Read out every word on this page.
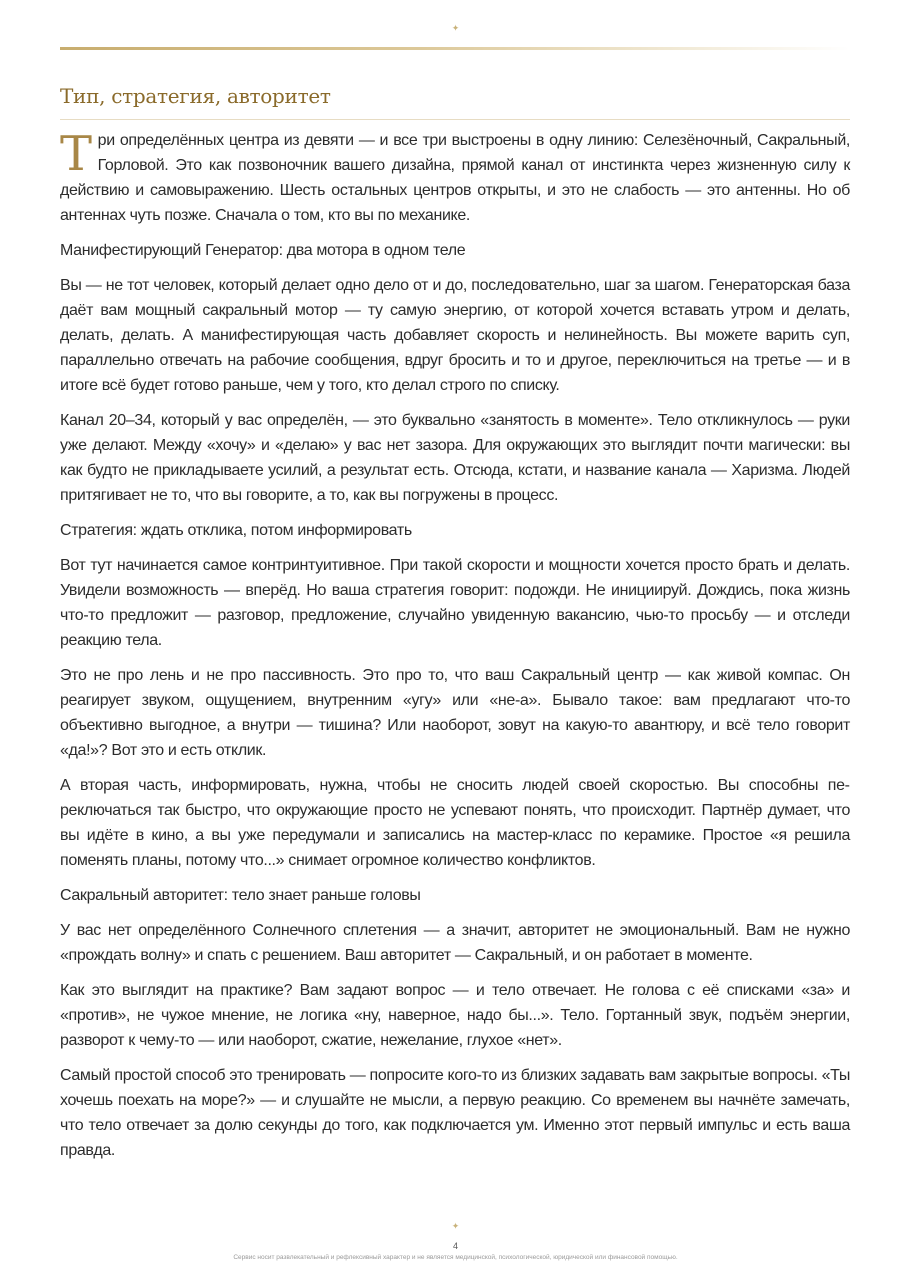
✦
Тип, стратегия, авторитет

Три определённых центра из девяти — и все три выстроены в одну линию: Селезёночный, Сакральный, Горловой. Это как позвоночник вашего дизайна, прямой канал от инстинкта через жизненную силу к действию и самовыражению. Шесть остальных центров открыты, и это не слабость — это антенны. Но об антеннах чуть позже. Сначала о том, кто вы по механике.

Манифестирующий Генератор: два мотора в одном теле

Вы — не тот человек, который делает одно дело от и до, последовательно, шаг за шагом. Генераторская база даёт вам мощный сакральный мотор — ту самую энергию, от которой хочется вставать утром и делать, делать, делать. А манифестирующая часть добавляет скорость и нелинейность. Вы можете варить суп, параллельно отвечать на рабочие сообщения, вдруг бросить и то и другое, переключиться на третье — и в итоге всё будет готово раньше, чем у того, кто делал строго по списку.

Канал 20–34, который у вас определён, — это буквально «занятость в моменте». Тело откликнулось — руки уже делают. Между «хочу» и «делаю» у вас нет зазора. Для окружающих это выглядит почти магически: вы как будто не прикладываете усилий, а результат есть. Отсюда, кстати, и название канала — Харизма. Людей притягивает не то, что вы говорите, а то, как вы погружены в процесс.

Стратегия: ждать отклика, потом информировать

Вот тут начинается самое контринтуитивное. При такой скорости и мощности хочется просто брать и делать. Увидели возможность — вперёд. Но ваша стратегия говорит: подожди. Не инициируй. Дождись, пока жизнь что-то предложит — разговор, предложение, случайно увиденную вакансию, чью-то просьбу — и отследи реакцию тела.

Это не про лень и не про пассивность. Это про то, что ваш Сакральный центр — как живой компас. Он реагирует звуком, ощущением, внутренним «угу» или «не-а». Бывало такое: вам предлагают что-то объективно выгодное, а внутри — тишина? Или наоборот, зовут на какую-то авантюру, и всё тело говорит «да!»? Вот это и есть отклик.

А вторая часть, информировать, нужна, чтобы не сносить людей своей скоростью. Вы способны переключаться так быстро, что окружающие просто не успевают понять, что происходит. Партнёр думает, что вы идёте в кино, а вы уже передумали и записались на мастер-класс по керамике. Простое «я решила поменять планы, потому что...» снимает огромное количество конфликтов.

Сакральный авторитет: тело знает раньше головы

У вас нет определённого Солнечного сплетения — а значит, авторитет не эмоциональный. Вам не нужно «прождать волну» и спать с решением. Ваш авторитет — Сакральный, и он работает в моменте.

Как это выглядит на практике? Вам задают вопрос — и тело отвечает. Не голова с её списками «за» и «против», не чужое мнение, не логика «ну, наверное, надо бы...». Тело. Гортанный звук, подъём энергии, разворот к чему-то — или наоборот, сжатие, нежелание, глухое «нет».

Самый простой способ это тренировать — попросите кого-то из близких задавать вам закрытые вопросы. «Ты хочешь поехать на море?» — и слушайте не мысли, а первую реакцию. Со временем вы начнёте замечать, что тело отвечает за долю секунды до того, как подключается ум. Именно этот первый импульс и есть ваша правда.

✦
4
Сервис носит развлекательный и рефлексивный характер и не является медицинской, психологической, юридической или финансовой помощью.
